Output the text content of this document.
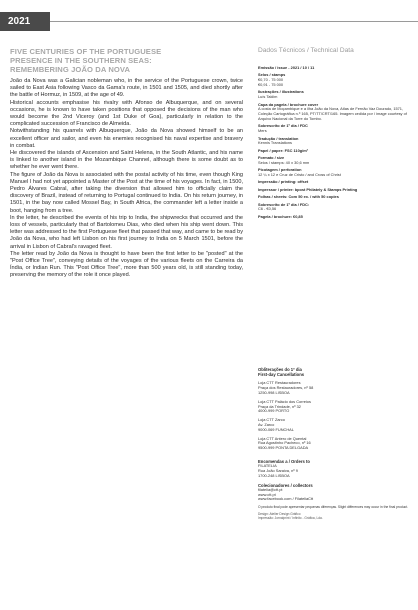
2021
FIVE CENTURIES OF THE PORTUGUESE
PRESENCE IN THE SOUTHERN SEAS:
REMEMBERING JOÃO DA NOVA

João da Nova was a Galician nobleman who, in the service of the Portuguese crown, twice sailed to East Asia following Vasco da Gama's route, in 1501 and 1505, and died shortly after the battle of Hormuz, in 1509, at the age of 49.

Historical accounts emphasise his rivalry with Afonso de Albuquerque, and on several occasions, he is known to have taken positions that opposed the decisions of the man who would become the 2nd Viceroy (and 1st Duke of Goa), particularly in relation to the complicated succession of Francisco de Almeida.

Notwithstanding his quarrels with Albuquerque, João da Nova showed himself to be an excellent officer and sailor, and even his enemies recognised his naval expertise and bravery in combat.

He discovered the islands of Ascension and Saint Helena, in the South Atlantic, and his name is linked to another island in the Mozambique Channel, although there is some doubt as to whether he ever went there.

The figure of João da Nova is associated with the postal activity of his time, even though King Manuel I had not yet appointed a Master of the Post at the time of his voyages. In fact, in 1500, Pedro Álvares Cabral, after taking the diversion that allowed him to officially claim the discovery of Brazil, instead of returning to Portugal continued to India. On his return journey, in 1501, in the bay now called Mossel Bay, in South Africa, the commander left a letter inside a boot, hanging from a tree.

In the letter, he described the events of his trip to India, the shipwrecks that occurred and the loss of vessels, particularly that of Bartolomeu Dias, who died when his ship went down. This letter was addressed to the first Portuguese fleet that passed that way, and came to be read by João da Nova, who had left Lisbon on his first journey to India on 5 March 1501, before the arrival in Lisbon of Cabral's ravaged fleet.

The letter read by João da Nova is thought to have been the first letter to be "posted" at the "Post Office Tree", conveying details of the voyages of the various fleets on the Carreira da Índia, or Indian Run. This "Post Office Tree", more than 500 years old, is still standing today, preserving the memory of the role it once played.

Dados Técnicos / Technical Data
Emissão / issue - 2021 / 10 / 11
Selos / stamps
€0,70 - 75 000
€0,91 - 75 000
Ilustrações / illustrations
Luís Taklim
Capa da pagela / brochure cover
A costa de Moçambique e a ilha João da Nova, Atlas de Fernão Vaz Dourado, 1571, Coleção Cartográfica n.º 165, PT/TT/CRT/165. Imagem cedida por / image courtesy of Arquivo Nacional da Torre do Tombo.
Sobrescrito de 1º dia / FDC
Mers
Tradução / translation
Kennis Translations
Papel / paper: FSC 110g/m²
Formato / size
Selos / stamps: 40 x 30,6 mm
Picotagem / perforation
12 ¼ x 12 e Cruz de Cristo / and Cross of Christ
Impressão / printing: offset
Impressor / printer: bpost Philately & Stamps Printing
Folhas / sheets: Com 50 ex. / with 50 copies
Sobrescrito de 1º dia / FDC:
C6 - €0,56
Pagela / brochure: €0,85
Obliterações do 1º dia
First-day Cancellations
Loja CTT Restauradores
Praça dos Restauradores, nº 58
1250-998 LISBOA
Loja CTT Palácio dos Correios
Praça da Trindade, nº 32
4000-999 PORTO
Loja CTT Zarco
Av. Zarco
9000-069 FUNCHAL
Loja CTT Antero de Quental
Rua Agostinho Pacheco, nº 16
9500-999 PONTA DELGADA
Encomendas a / Orders to
FILATELIA
Rua João Saraiva, nº 9
1700-248 LISBOA
Colecionadores / collectors
filatelia@ctt.pt
www.ctt.pt
www.facebook.com / FilateliaCtt
O produto final pode apresentar pequenas diferenças. Slight differences may occur in the final product.
Design: Atelier Design Gráfico
Impressão: Jornalprint / Infinito - Gráfica, Lda.
